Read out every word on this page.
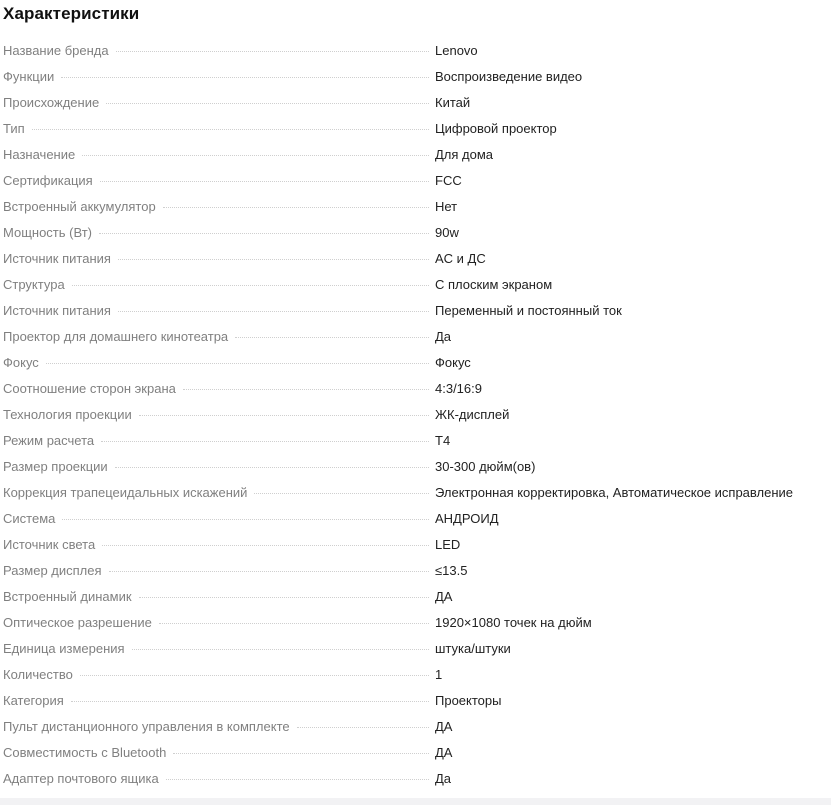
Характеристики
Название бренда	Lenovo
Функции	Воспроизведение видео
Происхождение	Китай
Тип	Цифровой проектор
Назначение	Для дома
Сертификация	FCC
Встроенный аккумулятор	Нет
Мощность (Вт)	90w
Источник питания	AC и ДС
Структура	С плоским экраном
Источник питания	Переменный и постоянный ток
Проектор для домашнего кинотеатра	Да
Фокус	Фокус
Соотношение сторон экрана	4:3/16:9
Технология проекции	ЖК-дисплей
Режим расчета	T4
Размер проекции	30-300 дюйм(ов)
Коррекция трапецеидальных искажений	Электронная корректировка, Автоматическое исправление
Система	АНДРОИД
Источник света	LED
Размер дисплея	≤13.5
Встроенный динамик	ДА
Оптическое разрешение	1920×1080 точек на дюйм
Единица измерения	штука/штуки
Количество	1
Категория	Проекторы
Пульт дистанционного управления в комплекте	ДА
Совместимость с Bluetooth	ДА
Адаптер почтового ящика	Да
